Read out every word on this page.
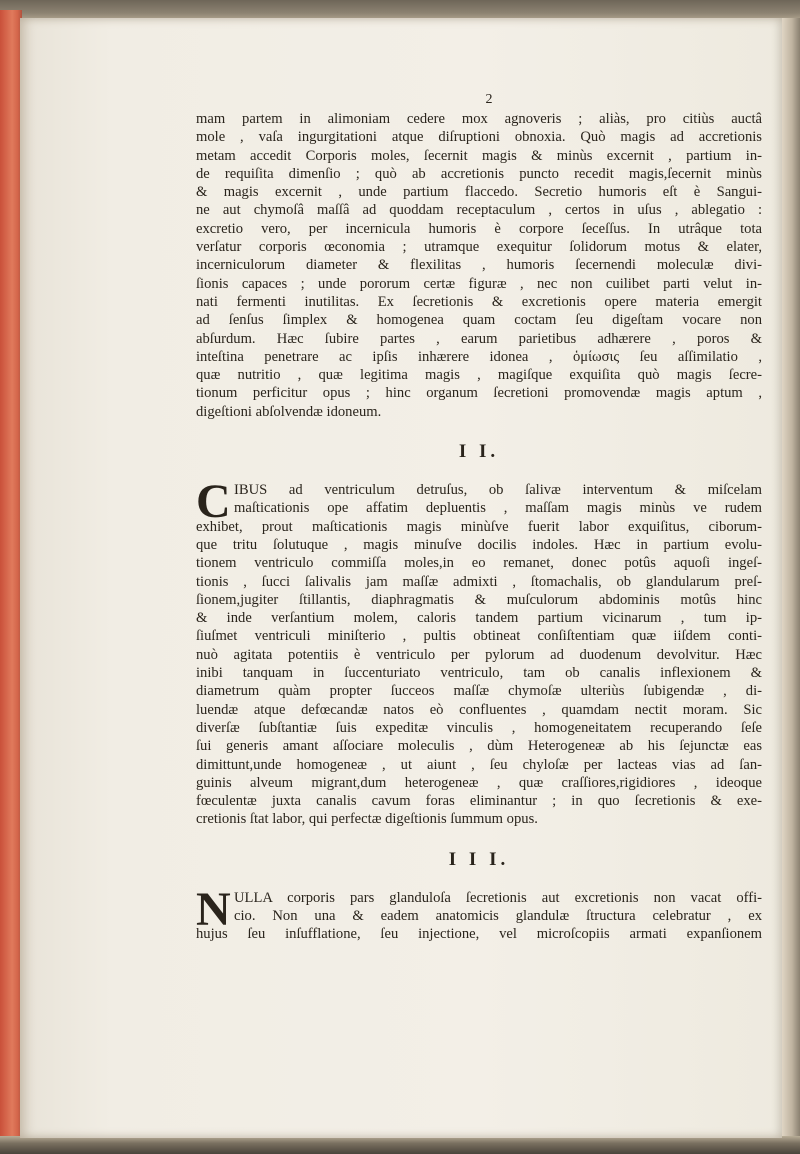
2
mam partem in alimoniam cedere mox agnoveris ; aliàs, pro citiùs auctâ
mole , vaſa ingurgitationi atque diſruptioni obnoxia. Quò magis ad accretionis
metam accedit Corporis moles, ſecernit magis & minùs excernit , partium in-
de requiſita dimenſio ; quò ab accretionis puncto recedit magis,ſecernit minùs
& magis excernit , unde partium flaccedo. Secretio humoris eſt è Sangui-
ne aut chymoſâ maſſâ ad quoddam receptaculum , certos in uſus , ablegatio :
excretio vero, per incernicula humoris è corpore ſeceſſus. In utrâque tota
verſatur corporis œconomia ; utramque exequitur ſolidorum motus & elater,
incerniculorum diameter & flexilitas , humoris ſecernendi moleculæ divi-
ſionis capaces ; unde pororum certæ figuræ , nec non cuilibet parti velut in-
nati fermenti inutilitas. Ex ſecretionis & excretionis opere materia emergit
ad ſenſus ſimplex & homogenea quam coctam ſeu digeſtam vocare non
abſurdum. Hæc ſubire partes , earum parietibus adhærere , poros &
inteſtina penetrare ac ipſis inhærere idonea , ὁμίωσις ſeu aſſimilatio ,
quæ nutritio , quæ legitima magis , magiſque exquiſita quò magis ſecre-
tionum perficitur opus ; hinc organum ſecretioni promovendæ magis aptum ,
digeſtioni abſolvendæ idoneum.
I I.
C IBUS ad ventriculum detruſus, ob ſalivæ interventum & miſcelam
maſticationis ope affatim depluentis , maſſam magis minùs ve rudem
exhibet, prout maſticationis magis minùſve fuerit labor exquiſitus, ciborum-
que tritu ſolutuque , magis minuſve docilis indoles. Hæc in partium evolu-
tionem ventriculo commiſſa moles,in eo remanet, donec potûs aquoſi ingeſ-
tionis , ſucci ſalivalis jam maſſæ admixti , ſtomachalis, ob glandularum preſ-
ſionem,jugiter ſtillantis, diaphragmatis & muſculorum abdominis motûs hinc
& inde verſantium molem, caloris tandem partium vicinarum , tum ip-
ſiuſmet ventriculi miniſterio , pultis obtineat conſiſtentiam quæ iiſdem conti-
nuò agitata potentiis è ventriculo per pylorum ad duodenum devolvitur. Hæc
inibi tanquam in ſuccenturiato ventriculo, tam ob canalis inflexionem &
diametrum quàm propter ſucceos maſſæ chymoſæ ulteriùs ſubigendæ , di-
luendæ atque defœcandæ natos eò confluentes , quamdam nectit moram. Sic
diverſæ ſubſtantiæ ſuis expeditæ vinculis , homogeneitatem recuperando ſeſe
ſui generis amant aſſociare moleculis , dùm Heterogeneæ ab his ſejunctæ eas
dimittunt,unde homogeneæ , ut aiunt , ſeu chyloſæ per lacteas vias ad ſan-
guinis alveum migrant,dum heterogeneæ , quæ craſſiores,rigidiores , ideoque
fœculentæ juxta canalis cavum foras eliminantur ; in quo ſecretionis & exe-
cretionis ſtat labor, qui perfectæ digeſtionis ſummum opus.
I I I.
N ULLA corporis pars glanduloſa ſecretionis aut excretionis non vacat offi-
cio. Non una & eadem anatomicis glandulæ ſtructura celebratur , ex
hujus ſeu inſufflatione, ſeu injectione, vel microſcopiis armati expanſionem
